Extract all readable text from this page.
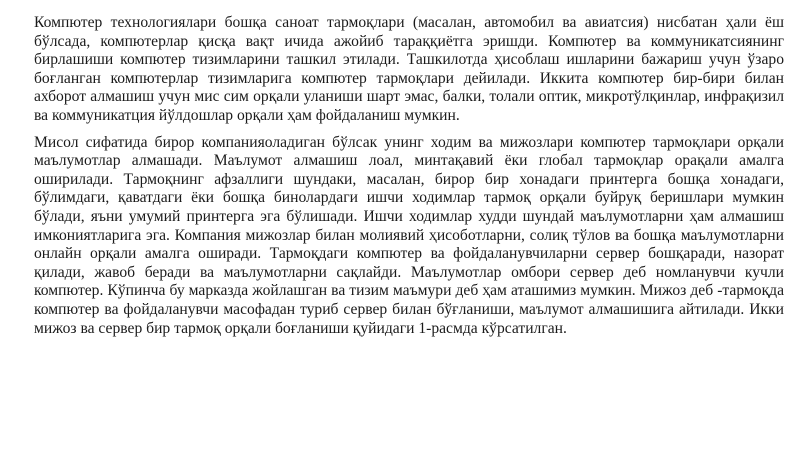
Компютер технологиялари бошқа саноат тармоқлари (масалан, автомобил ва авиатсия) нисбатан ҳали ёш бўлсада, компютерлар қисқа вақт ичида ажойиб тараққиётга эришди. Компютер ва коммуникатсиянинг бирлашиши компютер тизимларини ташкил этилади. Ташкилотда ҳисоблаш ишларини бажариш учун ўзаро боғланган компютерлар тизимларига компютер тармоқлари дейилади. Иккита компютер бир-бири билан ахборот алмашиш учун мис сим орқали уланиши шарт эмас, балки, толали оптик, микротўлқинлар, инфрақизил ва коммуникатция йўлдошлар орқали ҳам фойдаланиш мумкин.

Мисол сифатида бирор компанияоладиган бўлсак унинг ходим ва мижозлари компютер тармоқлари орқали маълумотлар алмашади. Маълумот алмашиш лоал, минтақавий ёки глобал тармоқлар орақали амалга оширилади. Тармоқнинг афзаллиги шундаки, масалан, бирор бир хонадаги принтерга бошқа хонадаги, бўлимдаги, қаватдаги ёки бошқа бинолардаги ишчи ходимлар тармоқ орқали буйруқ беришлари мумкин бўлади, яъни умумий принтерга эга бўлишади. Ишчи ходимлар худди шундай маълумотларни ҳам алмашиш имкониятларига эга. Компания мижозлар билан молиявий ҳисоботларни, солиқ тўлов ва бошқа маълумотларни онлайн орқали амалга оширади. Тармоқдаги компютер ва фойдаланувчиларни сервер бошқаради, назорат қилади, жавоб беради ва маълумотларни сақлайди. Маълумотлар омбори сервер деб номланувчи кучли компютер. Кўпинча бу марказда жойлашган ва тизим маъмури деб ҳам аташимиз мумкин. Мижоз деб -тармоқда компютер ва фойдаланувчи масофадан туриб сервер билан бўғланиши, маълумот алмашишига айтилади. Икки мижоз ва сервер бир тармоқ орқали боғланиши қуйидаги 1-расмда кўрсатилган.
